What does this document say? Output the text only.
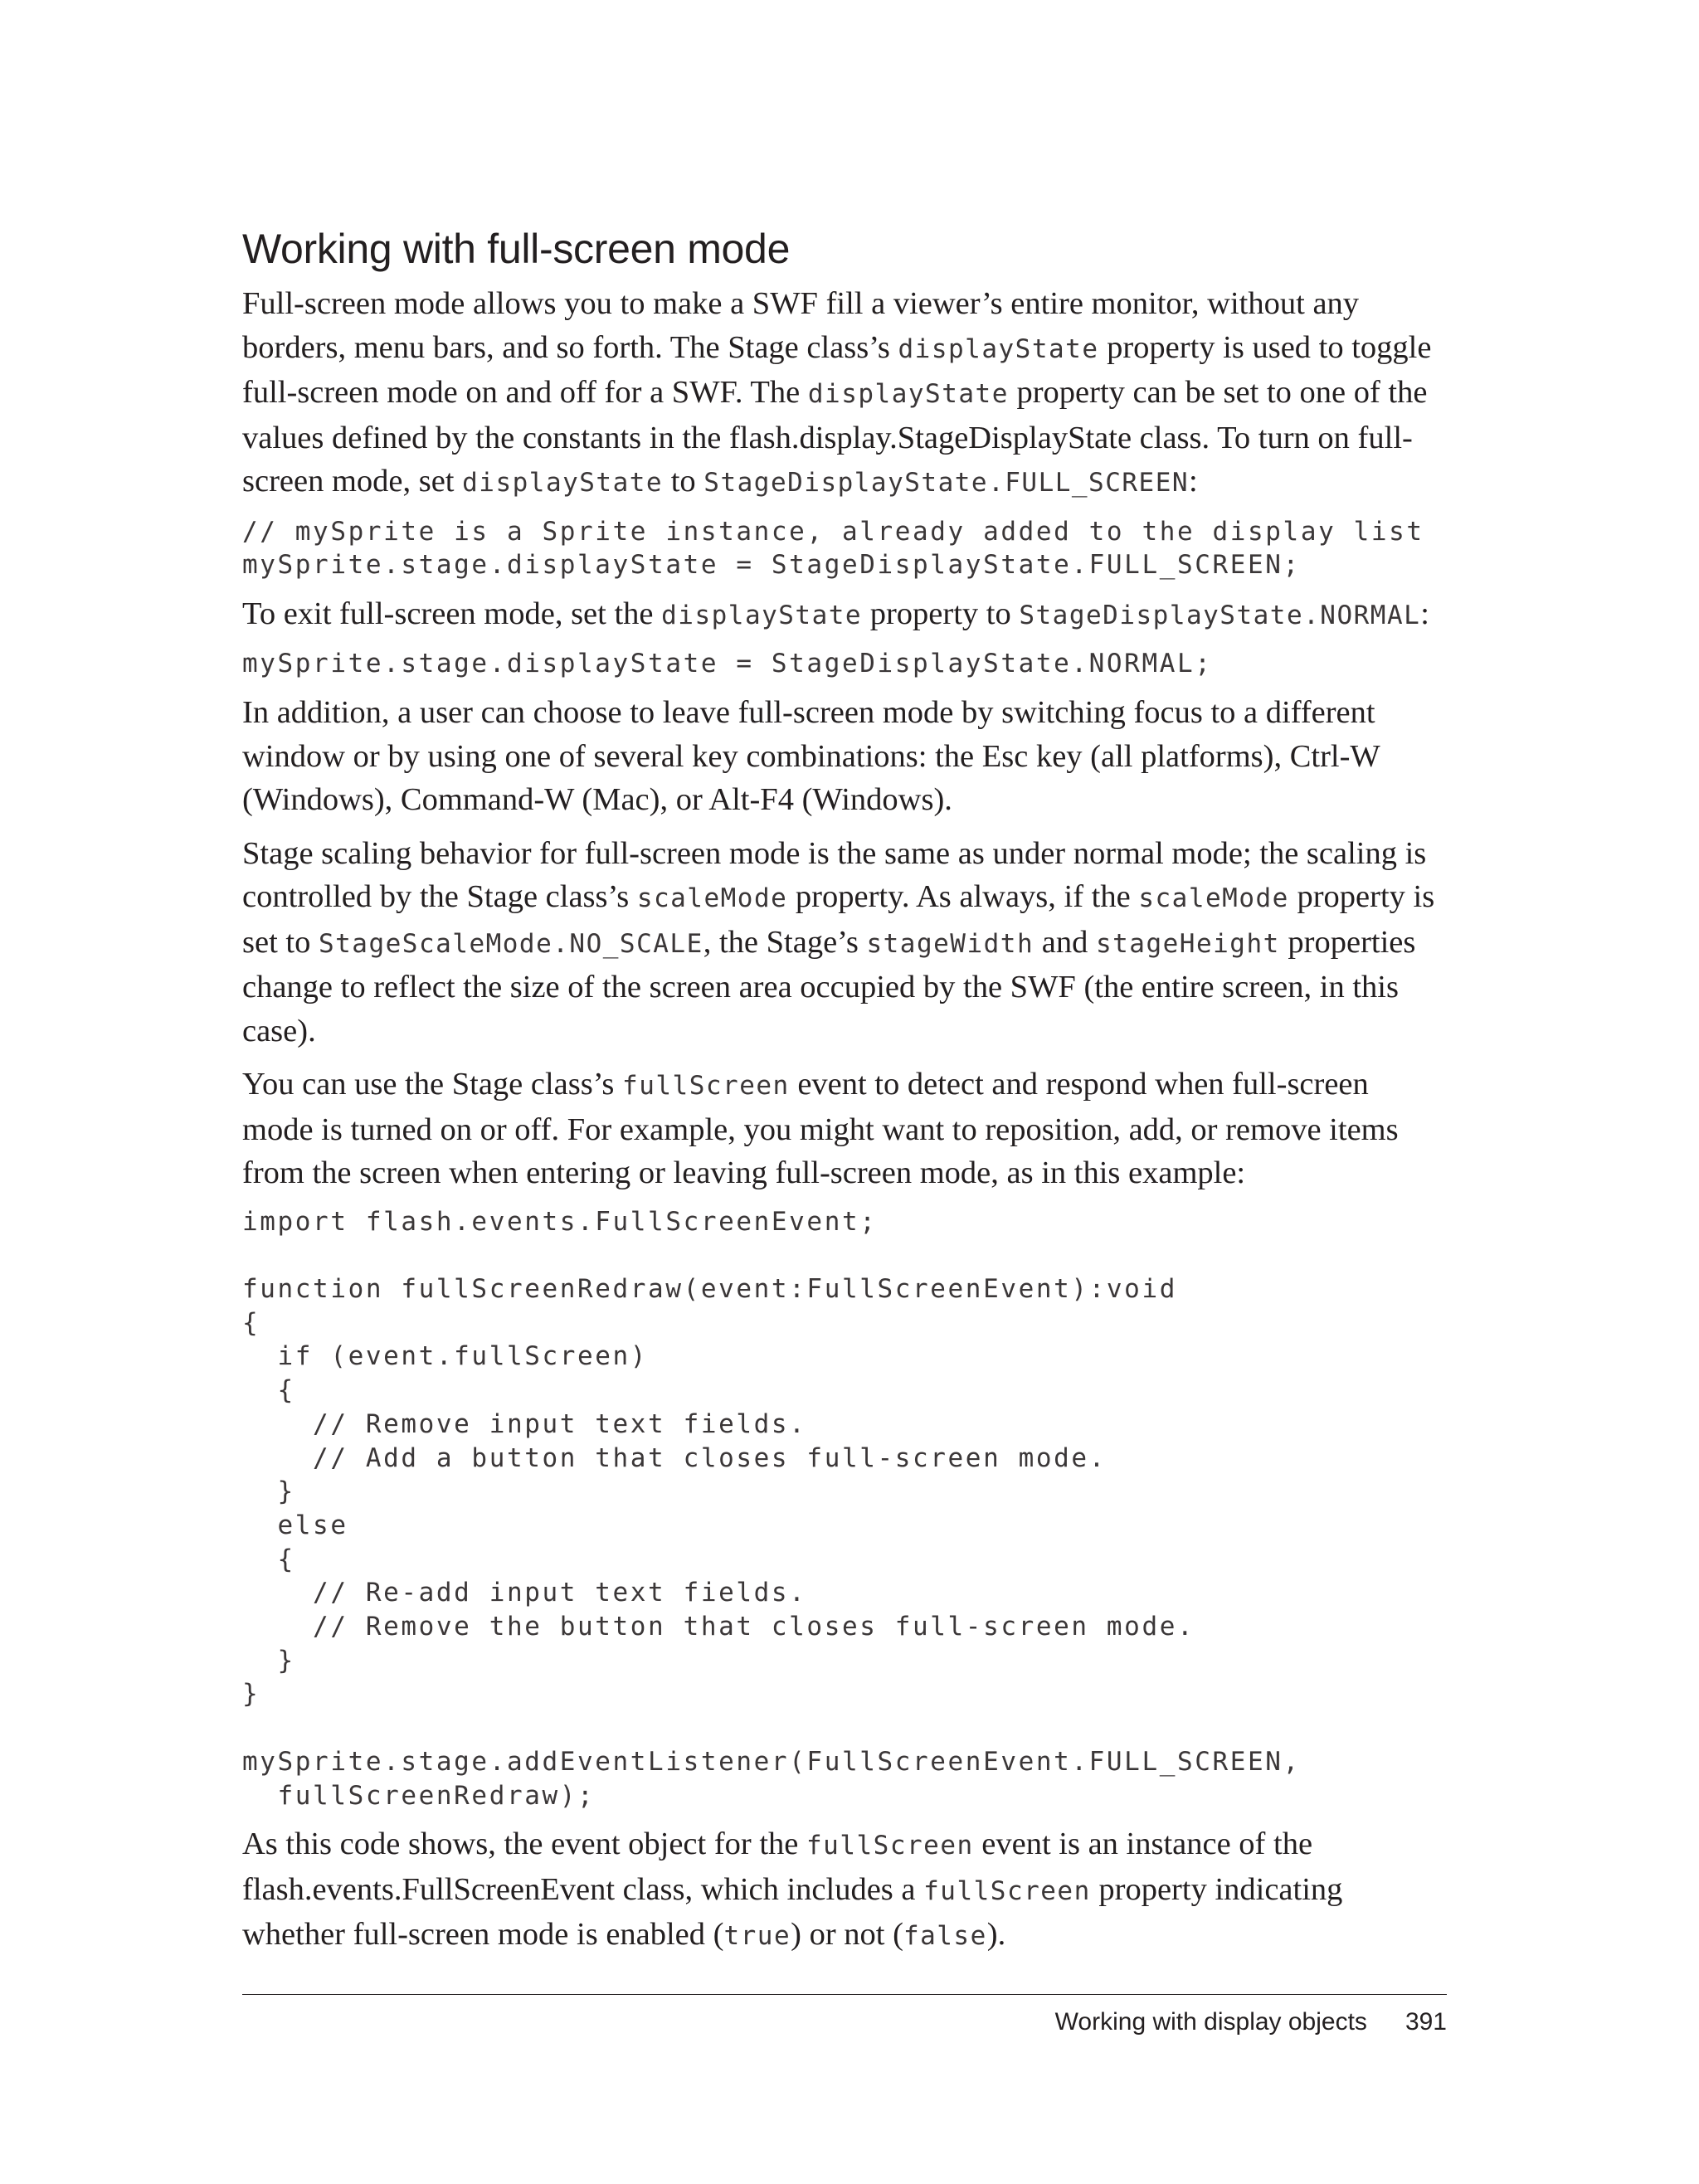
Working with full-screen mode

Full-screen mode allows you to make a SWF fill a viewer’s entire monitor, without any borders, menu bars, and so forth. The Stage class’s displayState property is used to toggle full-screen mode on and off for a SWF. The displayState property can be set to one of the values defined by the constants in the flash.display.StageDisplayState class. To turn on full-screen mode, set displayState to StageDisplayState.FULL_SCREEN:

// mySprite is a Sprite instance, already added to the display list
mySprite.stage.displayState = StageDisplayState.FULL_SCREEN;

To exit full-screen mode, set the displayState property to StageDisplayState.NORMAL:

mySprite.stage.displayState = StageDisplayState.NORMAL;

In addition, a user can choose to leave full-screen mode by switching focus to a different window or by using one of several key combinations: the Esc key (all platforms), Ctrl-W (Windows), Command-W (Mac), or Alt-F4 (Windows).

Stage scaling behavior for full-screen mode is the same as under normal mode; the scaling is controlled by the Stage class’s scaleMode property. As always, if the scaleMode property is set to StageScaleMode.NO_SCALE, the Stage’s stageWidth and stageHeight properties change to reflect the size of the screen area occupied by the SWF (the entire screen, in this case).

You can use the Stage class’s fullScreen event to detect and respond when full-screen mode is turned on or off. For example, you might want to reposition, add, or remove items from the screen when entering or leaving full-screen mode, as in this example:

import flash.events.FullScreenEvent;

function fullScreenRedraw(event:FullScreenEvent):void
{
if (event.fullScreen)
{
// Remove input text fields.
// Add a button that closes full-screen mode.
}
else
{
// Re-add input text fields.
// Remove the button that closes full-screen mode.
}
}

mySprite.stage.addEventListener(FullScreenEvent.FULL_SCREEN,
fullScreenRedraw);

As this code shows, the event object for the fullScreen event is an instance of the flash.events.FullScreenEvent class, which includes a fullScreen property indicating whether full-screen mode is enabled (true) or not (false).

Working with display objects 391
